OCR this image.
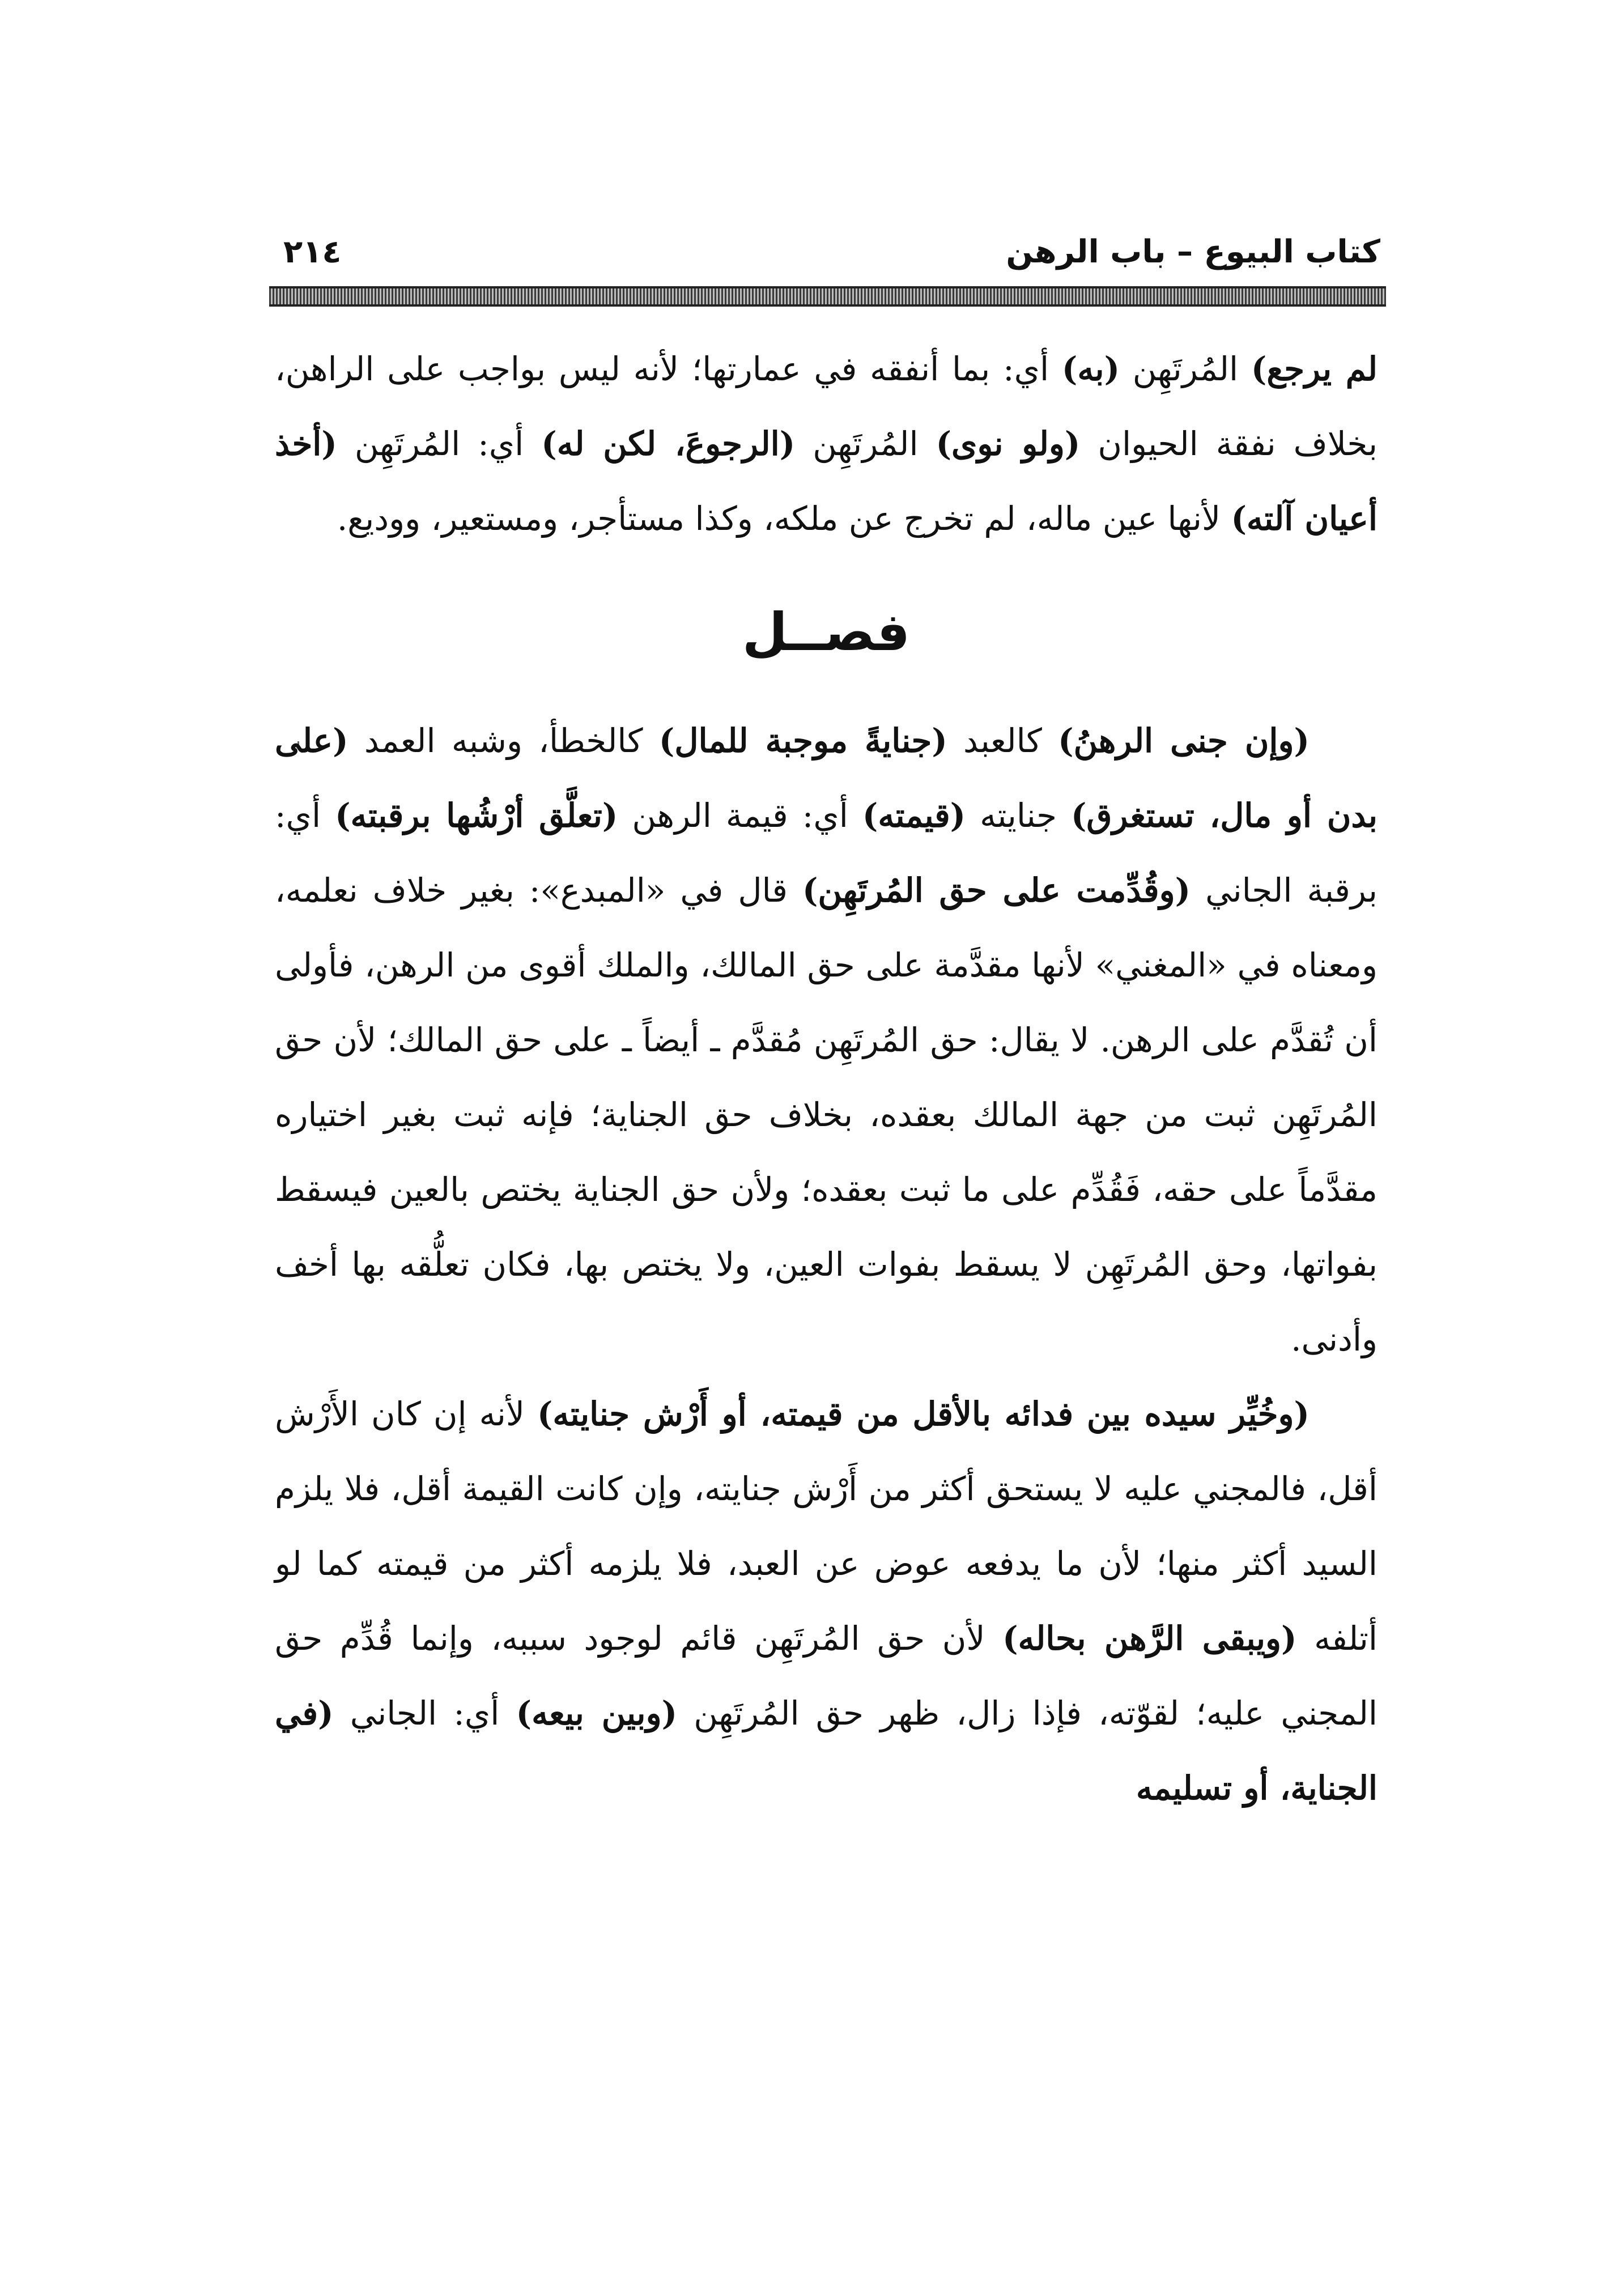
كتاب البيوع – باب الرهن
٢١٤

لم يرجع) المُرتَهِن (به) أي: بما أنفقه في عمارتها؛ لأنه ليس بواجب على الراهن، بخلاف نفقة الحيوان (ولو نوى) المُرتَهِن (الرجوعَ، لكن له) أي: المُرتَهِن (أخذ أعيان آلته) لأنها عين ماله، لم تخرج عن ملكه، وكذا مستأجر، ومستعير، ووديع.

فصــل

(وإن جنى الرهنُ) كالعبد (جنايةً موجبة للمال) كالخطأ، وشبه العمد (على بدن أو مال، تستغرق) جنايته (قيمته) أي: قيمة الرهن (تعلَّق أرْشُها برقبته) أي: برقبة الجاني (وقُدِّمت على حق المُرتَهِن) قال في «المبدع»: بغير خلاف نعلمه، ومعناه في «المغني» لأنها مقدَّمة على حق المالك، والملك أقوى من الرهن، فأولى أن تُقدَّم على الرهن. لا يقال: حق المُرتَهِن مُقدَّم ـ أيضاً ـ على حق المالك؛ لأن حق المُرتَهِن ثبت من جهة المالك بعقده، بخلاف حق الجناية؛ فإنه ثبت بغير اختياره مقدَّماً على حقه، فَقُدِّم على ما ثبت بعقده؛ ولأن حق الجناية يختص بالعين فيسقط بفواتها، وحق المُرتَهِن لا يسقط بفوات العين، ولا يختص بها، فكان تعلُّقه بها أخف وأدنى.

(وخُيِّر سيده بين فدائه بالأقل من قيمته، أو أَرْش جنايته) لأنه إن كان الأَرْش أقل، فالمجني عليه لا يستحق أكثر من أَرْش جنايته، وإن كانت القيمة أقل، فلا يلزم السيد أكثر منها؛ لأن ما يدفعه عوض عن العبد، فلا يلزمه أكثر من قيمته كما لو أتلفه (ويبقى الرَّهن بحاله) لأن حق المُرتَهِن قائم لوجود سببه، وإنما قُدِّم حق المجني عليه؛ لقوّته، فإذا زال، ظهر حق المُرتَهِن (وبين بيعه) أي: الجاني (في الجناية، أو تسليمه
